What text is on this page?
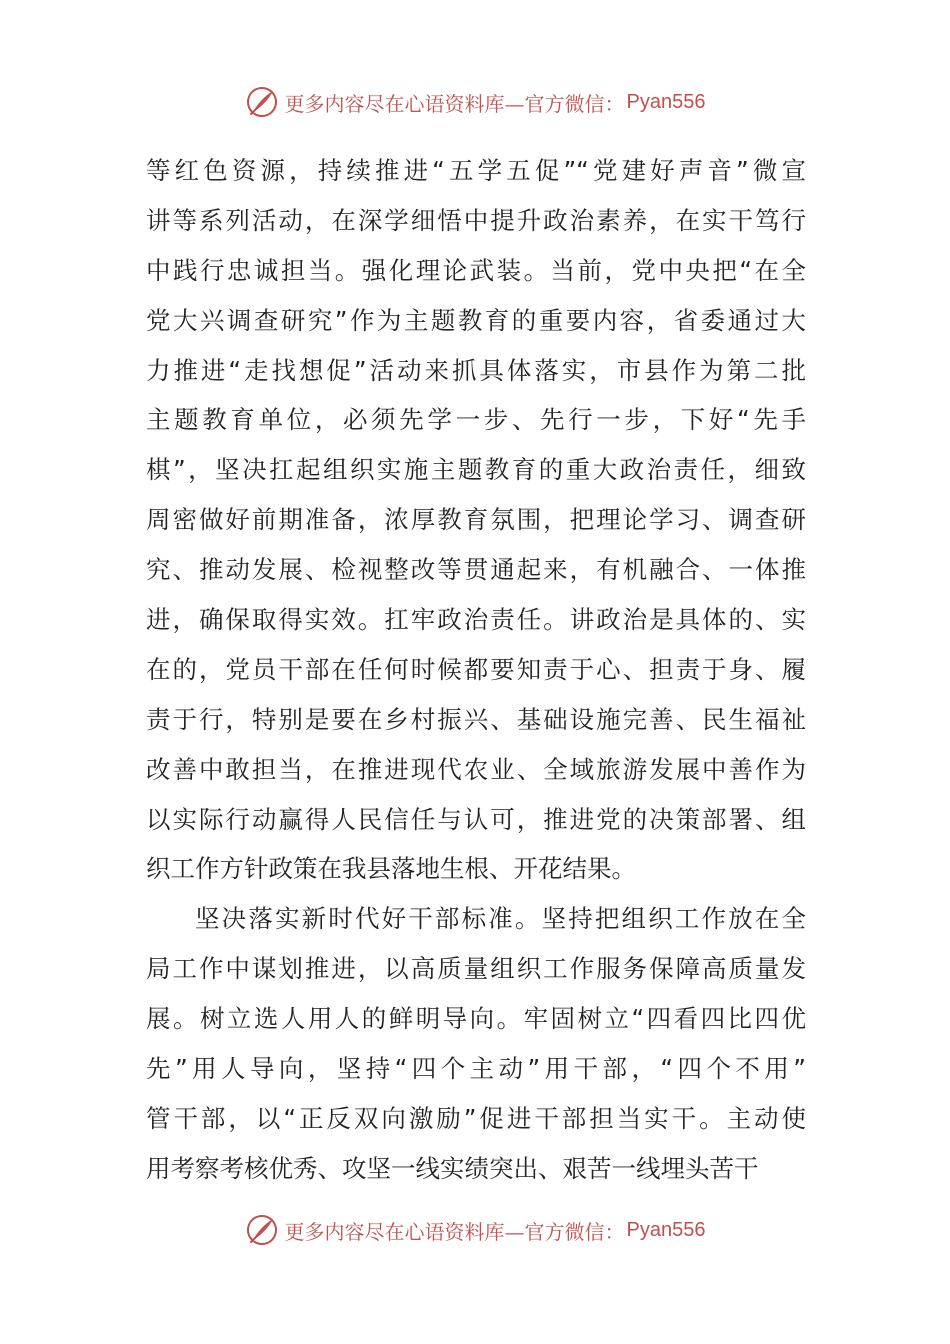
更多内容尽在心语资料库—官方微信： Pyan556
等红色资源，持续推进“五学五促”“党建好声音”微宣
讲等系列活动，在深学细悟中提升政治素养，在实干笃行
中践行忠诚担当。强化理论武装。当前，党中央把“在全
党大兴调查研究”作为主题教育的重要内容，省委通过大
力推进“走找想促”活动来抓具体落实，市县作为第二批
主题教育单位，必须先学一步、先行一步，下好“先手
棋”，坚决扛起组织实施主题教育的重大政治责任，细致
周密做好前期准备，浓厚教育氛围，把理论学习、调查研
究、推动发展、检视整改等贯通起来，有机融合、一体推
进，确保取得实效。扛牢政治责任。讲政治是具体的、实
在的，党员干部在任何时候都要知责于心、担责于身、履
责于行，特别是要在乡村振兴、基础设施完善、民生福祉
改善中敢担当，在推进现代农业、全域旅游发展中善作为
以实际行动赢得人民信任与认可，推进党的决策部署、组
织工作方针政策在我县落地生根、开花结果。
坚决落实新时代好干部标准。坚持把组织工作放在全
局工作中谋划推进，以高质量组织工作服务保障高质量发
展。树立选人用人的鲜明导向。牢固树立“四看四比四优
先”用人导向，坚持“四个主动”用干部，“四个不用”
管干部，以“正反双向激励”促进干部担当实干。主动使
用考察考核优秀、攻坚一线实绩突出、艰苦一线埋头苦干
更多内容尽在心语资料库—官方微信： Pyan556
